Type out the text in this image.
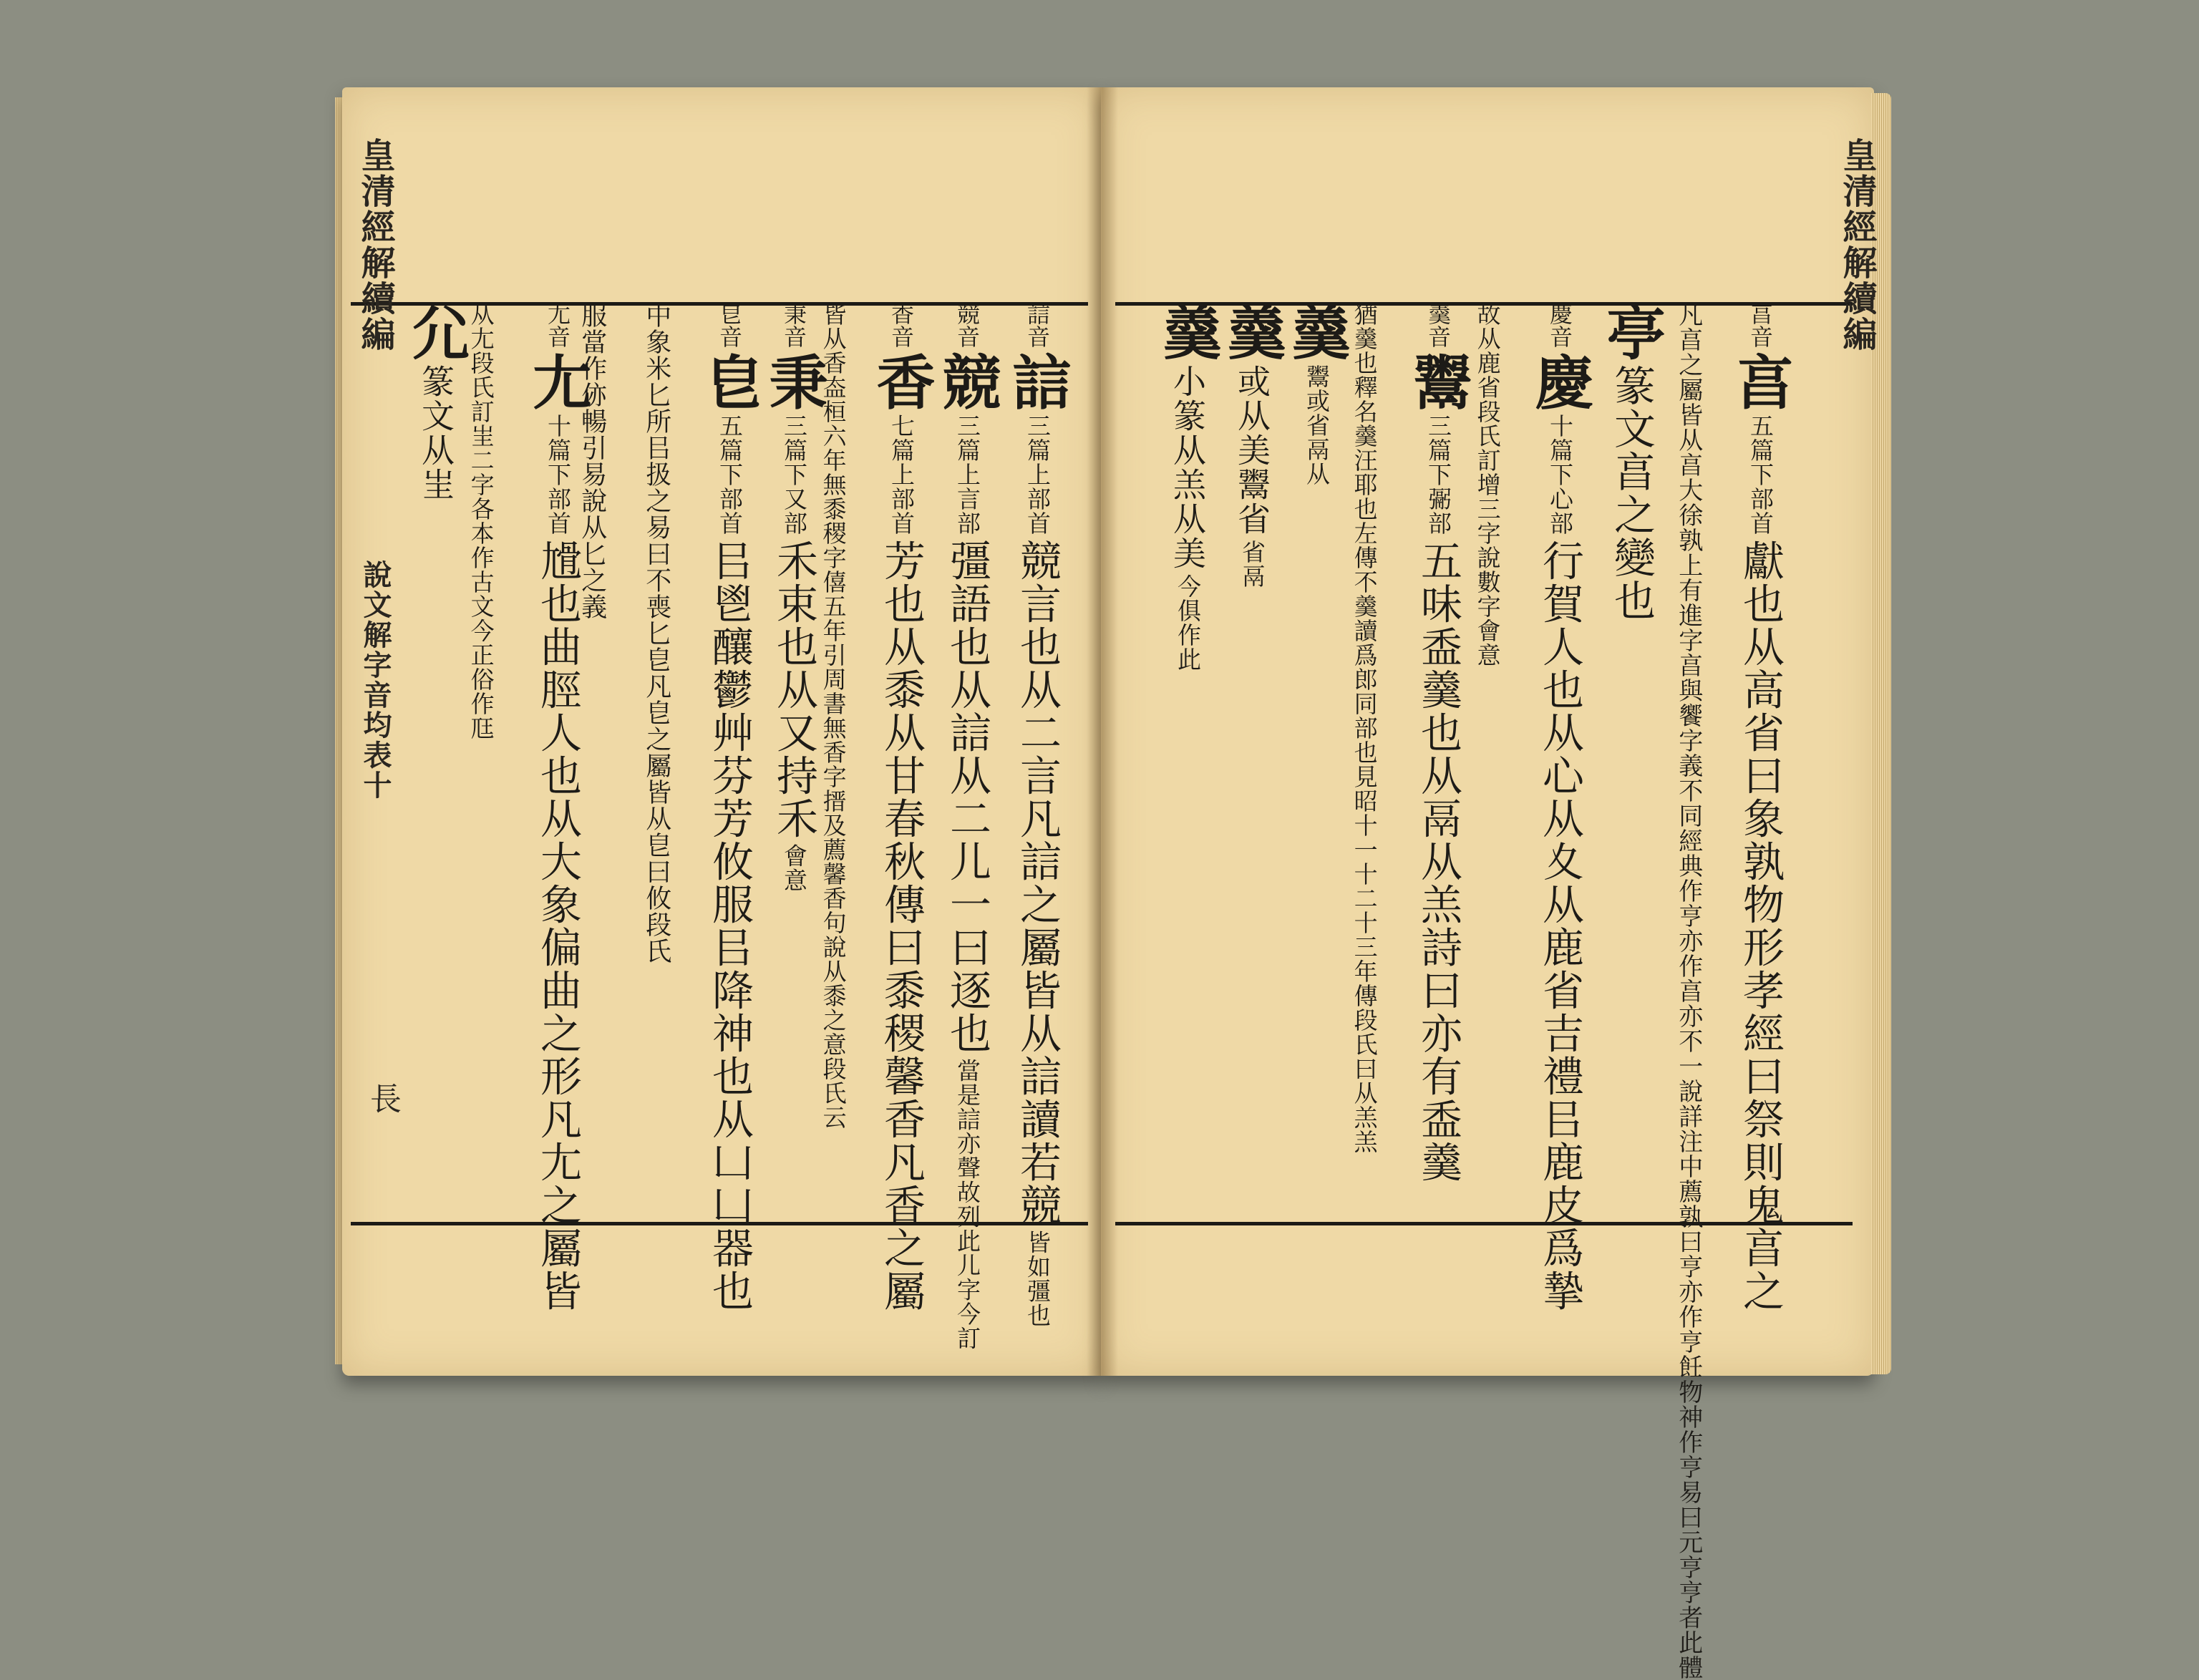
皇清經解續編
皇清經解續編
說文解字音均表十
長
亯音 亯 五篇下部首 獻也从高省曰象孰物形孝經曰祭則鬼亯之
凡亯之屬皆从亯大徐孰上有進字亯與饗字義不同經典作亨亦作亯亦不一說詳注中薦孰曰亨亦作亨飪物神作亨易曰元亨亨者此體
亭 篆文亯之變也
慶音 慶 十篇下心部 行賀人也从心从夊从鹿省吉禮㠯鹿皮爲摯
故从鹿省段氏訂增三字說數字會意
羹音 鬻 三篇下䰜部 五味盉羹也从鬲从羔詩曰亦有盉羹
猶羹也釋名羹汪耶也左傳不羹讀爲郎同部也見昭十一十二十三年傳段氏曰从羔羔
羹 鬻或省鬲从
羹 或从美鬻省 省鬲
羹 小篆从羔从美 今俱作此
誩音 誩 三篇上部首 競言也从二言凡誩之屬皆从誩讀若競 皆如彊也
競音 競 三篇上言部 彊語也从誩从二儿一曰逐也 當是誩亦聲故列此儿字今訂
香音 香 七篇上部首 芳也从黍从甘春秋傳曰黍稷馨香凡香之屬
皆从香盇桓六年無黍稷字僖五年引周書無香字搢及薦馨香句說从黍之意段氏云
秉音 秉 三篇下又部 禾束也从又持禾 會意
皀音 皀 五篇下部首 㠯鬯釀鬱艸芬芳攸服㠯降神也从凵凵器也
中象米匕所㠯扱之易曰不喪匕皀凡皀之屬皆从皀曰攸段氏
尢音 尢 十篇下部首 尳也曲脛人也从大象偏曲之形凡尢之屬皆
服當作㑊暢引易說从匕之義
尣 篆文从㞷 从尢段氏訂㞷二字各本作古文今正俗作尫
